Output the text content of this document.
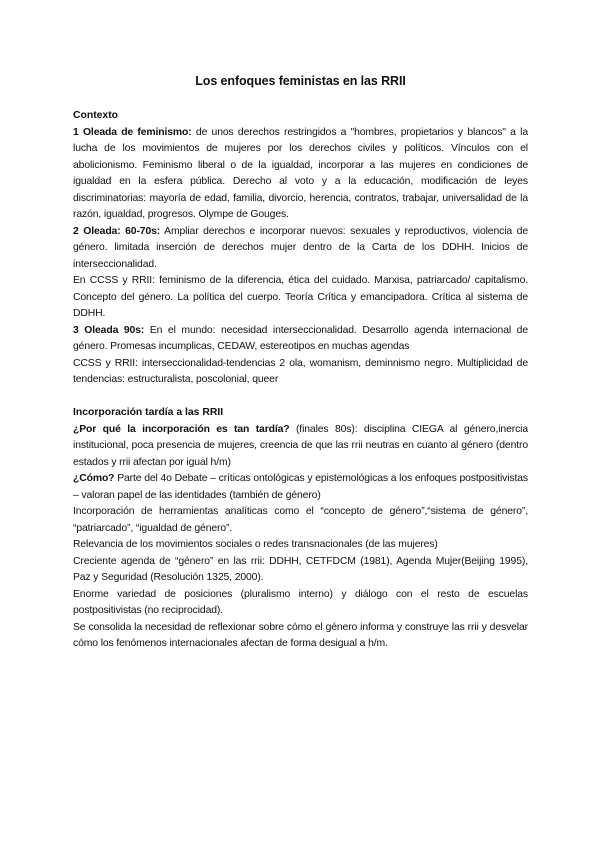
Los enfoques feministas en las RRII
Contexto

1 Oleada de feminismo: de unos derechos restringidos a "hombres, propietarios y blancos" a la lucha de los movimientos de mujeres por los derechos civiles y políticos. Vínculos con el abolicionismo. Feminismo liberal o de la igualdad, incorporar a las mujeres en condiciones de igualdad en la esfera pública. Derecho al voto y a la educación, modificación de leyes discriminatorias: mayoría de edad, familia, divorcio, herencia, contratos, trabajar, universalidad de la razón, igualdad, progresos. Olympe de Gouges.

2 Oleada: 60-70s: Ampliar derechos e incorporar nuevos: sexuales y reproductivos, violencia de género. limitada inserción de derechos mujer dentro de la Carta de los DDHH. Inicios de interseccionalidad.

En CCSS y RRII: feminismo de la diferencia, ética del cuidado. Marxisa, patriarcado/ capitalismo. Concepto del género. La política del cuerpo. Teoría Crítica y emancipadora. Crítica al sistema de DDHH.

3 Oleada 90s: En el mundo: necesidad interseccionalidad. Desarrollo agenda internacional de género. Promesas incumplicas, CEDAW, estereotipos en muchas agendas

CCSS y RRII: interseccionalidad-tendencias 2 ola, womanism, deminnismo negro. Multiplicidad de tendencias: estructuralista, poscolonial, queer

Incorporación tardía a las RRII

¿Por qué la incorporación es tan tardía? (finales 80s): disciplina CIEGA al género,inercia institucional, poca presencia de mujeres, creencia de que las rrii neutras en cuanto al género (dentro estados y rrii afectan por igual h/m)

¿Cómo? Parte del 4o Debate – críticas ontológicas y epistemológicas a los enfoques postpositivistas – valoran papel de las identidades (también de género)

Incorporación de herramientas analíticas como el “concepto de género”,“sistema de género”, “patriarcado”, “igualdad de género”.

Relevancia de los movimientos sociales o redes transnacionales (de las mujeres)

Creciente agenda de “género” en las rrii: DDHH, CETFDCM (1981), Agenda Mujer(Beijing 1995), Paz y Seguridad (Resolución 1325, 2000).

Enorme variedad de posiciones (pluralismo interno) y diálogo con el resto de escuelas postpositivistas (no reciprocidad).

Se consolida la necesidad de reflexionar sobre cómo el género informa y construye las rrii y desvelar cómo los fenómenos internacionales afectan de forma desigual a h/m.
